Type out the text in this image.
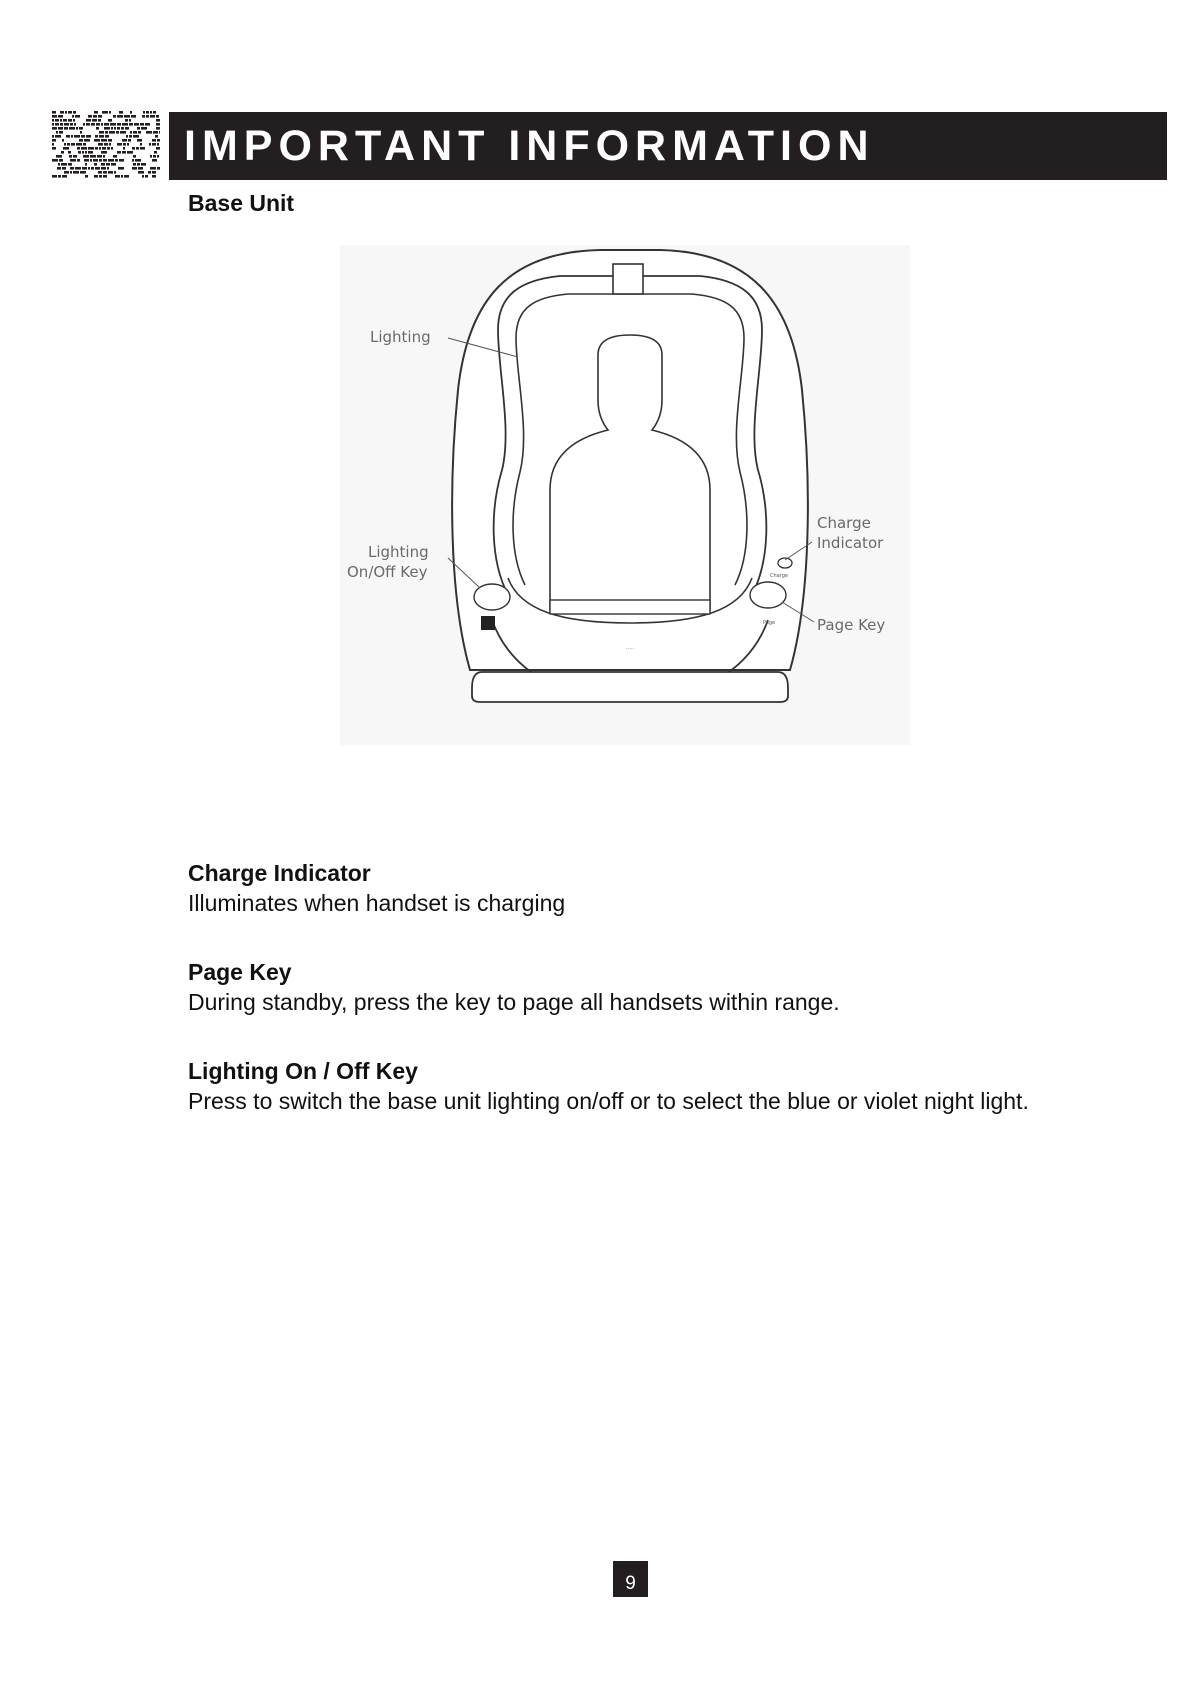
IMPORTANT INFORMATION
Base Unit
·····
Page
Charge
Lighting
Charge
Indicator
Lighting
On/Off Key
Page Key

Charge Indicator

Illuminates when handset is charging

Page Key

During standby, press the key to page all handsets within range.

Lighting On / Off Key

Press to switch the base unit lighting on/off or to select the blue or violet night light.

9
